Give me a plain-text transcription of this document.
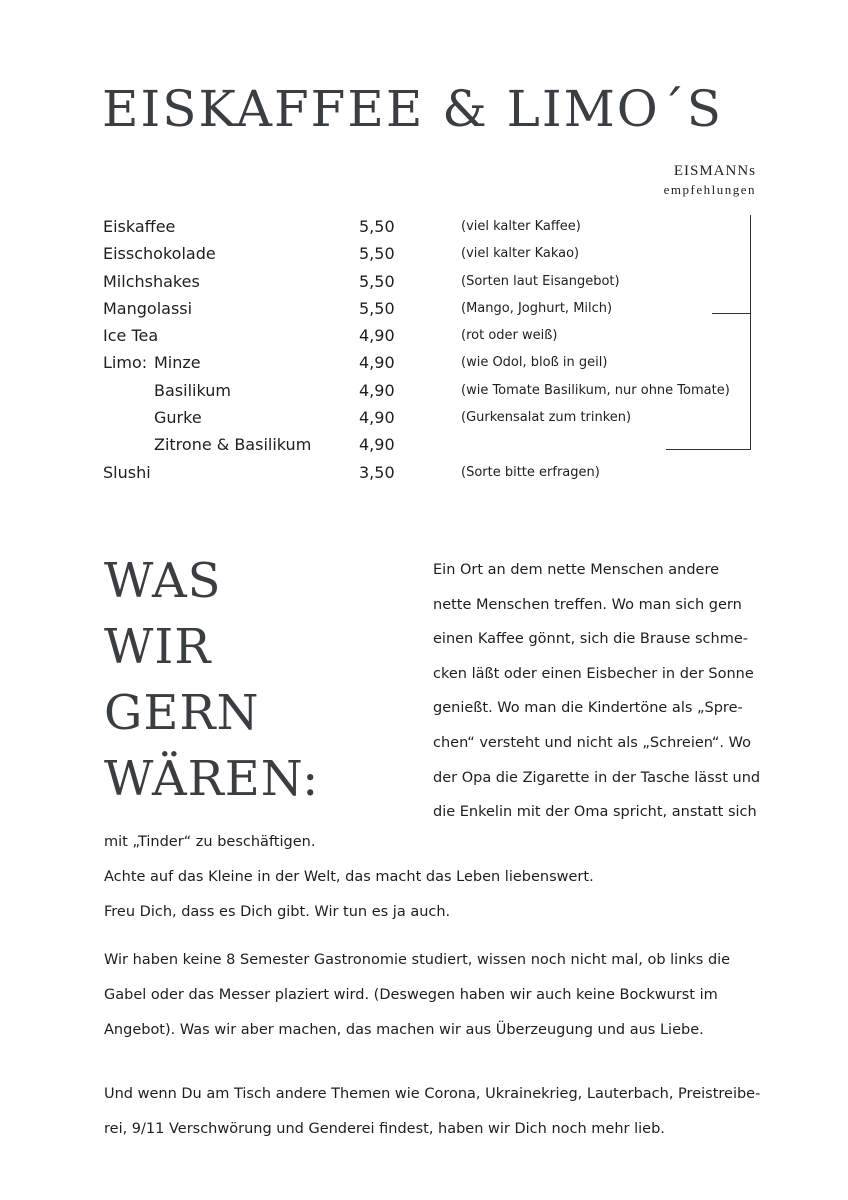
EISKAFFEE & LIMO´S
EISMANNs
empfehlungen
Eiskaffee	5,50	(viel kalter Kaffee)
Eisschokolade	5,50	(viel kalter Kakao)
Milchshakes	5,50	(Sorten laut Eisangebot)
Mangolassi	5,50	(Mango, Joghurt, Milch)
Ice Tea	4,90	(rot oder weiß)
Limo: Minze	4,90	(wie Odol, bloß in geil)
Basilikum	4,90	(wie Tomate Basilikum, nur ohne Tomate)
Gurke	4,90	(Gurkensalat zum trinken)
Zitrone & Basilikum	4,90
Slushi	3,50	(Sorte bitte erfragen)
WAS
WIR
GERN
WÄREN:

Ein Ort an dem nette Menschen andere
nette Menschen treffen. Wo man sich gern
einen Kaffee gönnt, sich die Brause schme-
cken läßt oder einen Eisbecher in der Sonne
genießt. Wo man die Kindertöne als „Spre-
chen“ versteht und nicht als „Schreien“. Wo
der Opa die Zigarette in der Tasche lässt und
die Enkelin mit der Oma spricht, anstatt sich

mit „Tinder“ zu beschäftigen.
Achte auf das Kleine in der Welt, das macht das Leben liebenswert.
Freu Dich, dass es Dich gibt. Wir tun es ja auch.

Wir haben keine 8 Semester Gastronomie studiert, wissen noch nicht mal, ob links die
Gabel oder das Messer plaziert wird. (Deswegen haben wir auch keine Bockwurst im
Angebot). Was wir aber machen, das machen wir aus Überzeugung und aus Liebe.

Und wenn Du am Tisch andere Themen wie Corona, Ukrainekrieg, Lauterbach, Preistreibe-
rei, 9/11 Verschwörung und Genderei findest, haben wir Dich noch mehr lieb.
